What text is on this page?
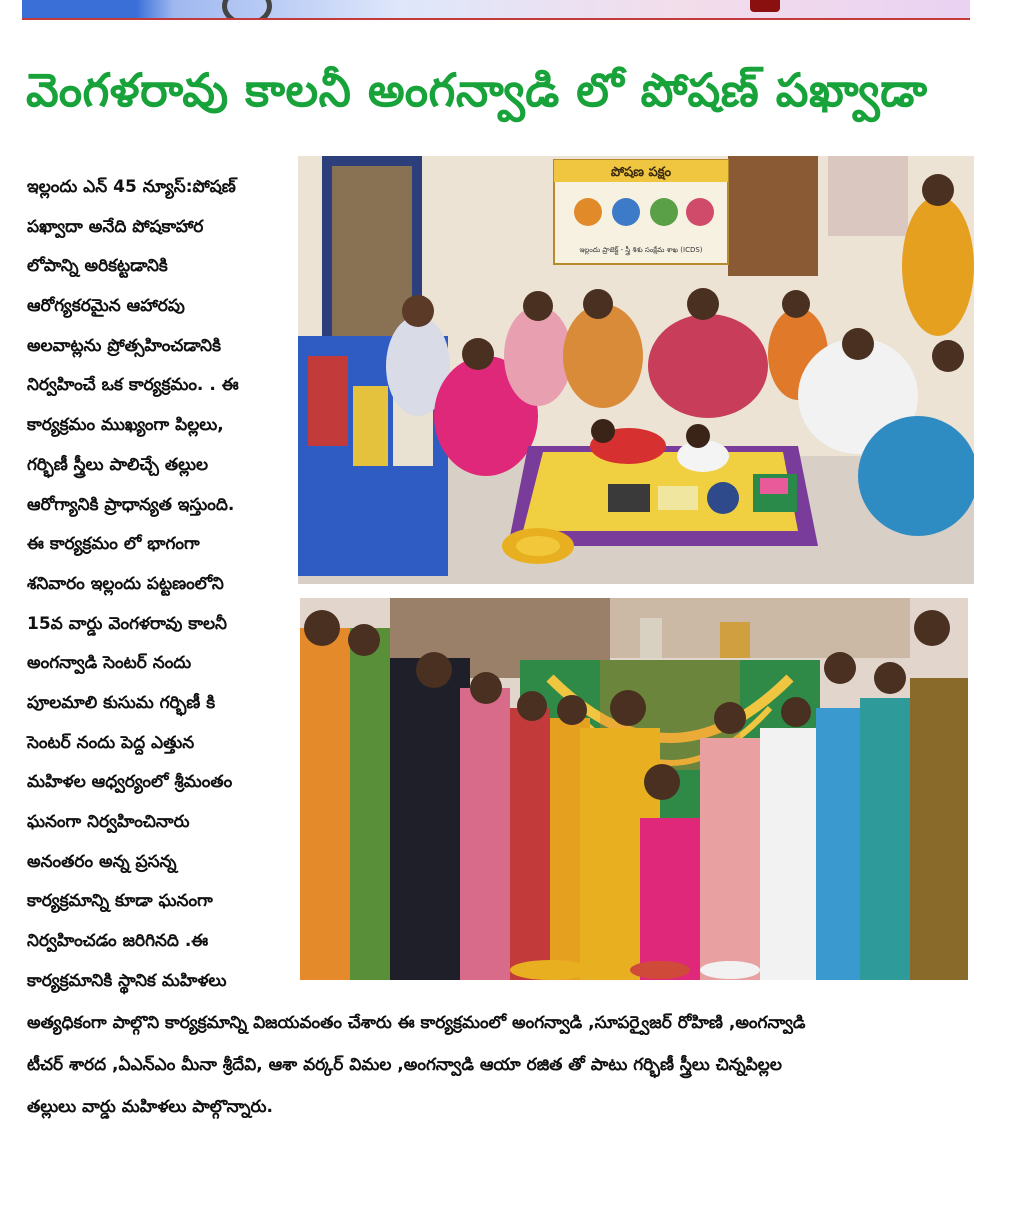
వెంగళరావు కాలనీ అంగన్వాడి లో పోషణ్ పఖ్వాడా
ఇల్లందు ఎన్ 45 న్యూస్:పోషణ్
పఖ్వాదా అనేది పోషకాహార
లోపాన్ని అరికట్టడానికి
ఆరోగ్యకరమైన ఆహారపు
అలవాట్లను ప్రోత్సహించడానికి
నిర్వహించే ఒక కార్యక్రమం. . ఈ
కార్యక్రమం ముఖ్యంగా పిల్లలు,
గర్భిణీ స్త్రీలు పాలిచ్చే తల్లుల
ఆరోగ్యానికి ప్రాధాన్యత ఇస్తుంది.
ఈ కార్యక్రమం లో భాగంగా
శనివారం ఇల్లందు పట్టణంలోని
15వ వార్డు వెంగళరావు కాలనీ
అంగన్వాడి సెంటర్ నందు
పూలమాలి కుసుమ గర్భిణీ కి
సెంటర్ నందు పెద్ద ఎత్తున
మహిళల ఆధ్వర్యంలో శ్రీమంతం
ఘనంగా నిర్వహించినారు
అనంతరం అన్న ప్రసన్న
కార్యక్రమాన్ని కూడా ఘనంగా
నిర్వహించడం జరిగినది .ఈ
కార్యక్రమానికి స్థానిక మహిళలు
పోషణ పక్షం
ఇల్లందు ప్రాజెక్ట్ - స్త్రీ శిశు సంక్షేమ శాఖ (ICDS)
అత్యధికంగా పాల్గొని కార్యక్రమాన్ని విజయవంతం చేశారు ఈ కార్యక్రమంలో అంగన్వాడి ,సూపర్వైజర్ రోహిణి ,అంగన్వాడి
టీచర్ శారద ,ఏఎన్ఎం మీనా శ్రీదేవి, ఆశా వర్కర్ విమల ,అంగన్వాడి ఆయా రజిత తో పాటు గర్భిణీ స్త్రీలు చిన్నపిల్లల
తల్లులు వార్డు మహిళలు పాల్గొన్నారు.
